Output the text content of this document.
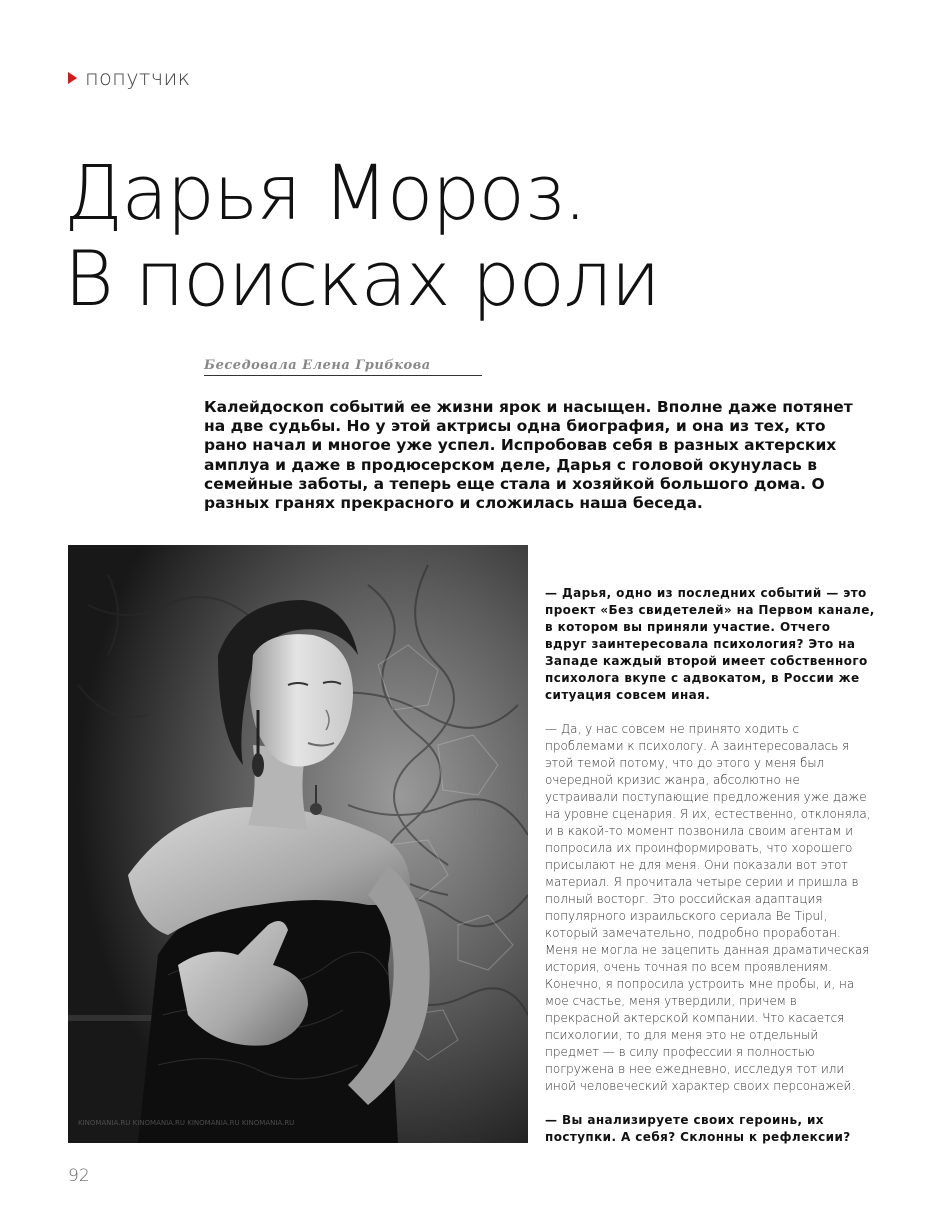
попутчик
Дарья Мороз.
В поисках роли
Беседовала Елена Грибкова

Калейдоскоп событий ее жизни ярок и насыщен. Вполне даже потянет на две судьбы. Но у этой актрисы одна биография, и она из тех, кто рано начал и многое уже успел. Испробовав себя в разных актерских амплуа и даже в продюсерском деле, Дарья с головой окунулась в семейные заботы, а теперь еще стала и хозяйкой большого дома. О разных гранях прекрасного и сложилась наша беседа.

KINOMANIA.RU KINOMANIA.RU KINOMANIA.RU KINOMANIA.RU

— Дарья, одно из последних событий — это проект «Без свидетелей» на Первом канале, в котором вы приняли участие. Отчего вдруг заинтересовала психология? Это на Западе каждый второй имеет собственного психолога вкупе с адвокатом, в России же ситуация совсем иная.

— Да, у нас совсем не принято ходить с проблемами к психологу. А заинтересовалась я этой темой потому, что до этого у меня был очередной кризис жанра, абсолютно не устраивали поступающие предложения уже даже на уровне сценария. Я их, естественно, отклоняла, и в какой-то момент позвонила своим агентам и попросила их проинформировать, что хорошего присылают не для меня. Они показали вот этот материал. Я прочитала четыре серии и пришла в полный восторг. Это российская адаптация популярного израильского сериала Be Tipul, который замечательно, подробно проработан. Меня не могла не зацепить данная драматическая история, очень точная по всем проявлениям. Конечно, я попросила устроить мне пробы, и, на мое счастье, меня утвердили, причем в прекрасной актерской компании. Что касается психологии, то для меня это не отдельный предмет — в силу профессии я полностью погружена в нее ежедневно, исследуя тот или иной человеческий характер своих персонажей.

— Вы анализируете своих героинь, их поступки. А себя? Склонны к рефлексии?

92
